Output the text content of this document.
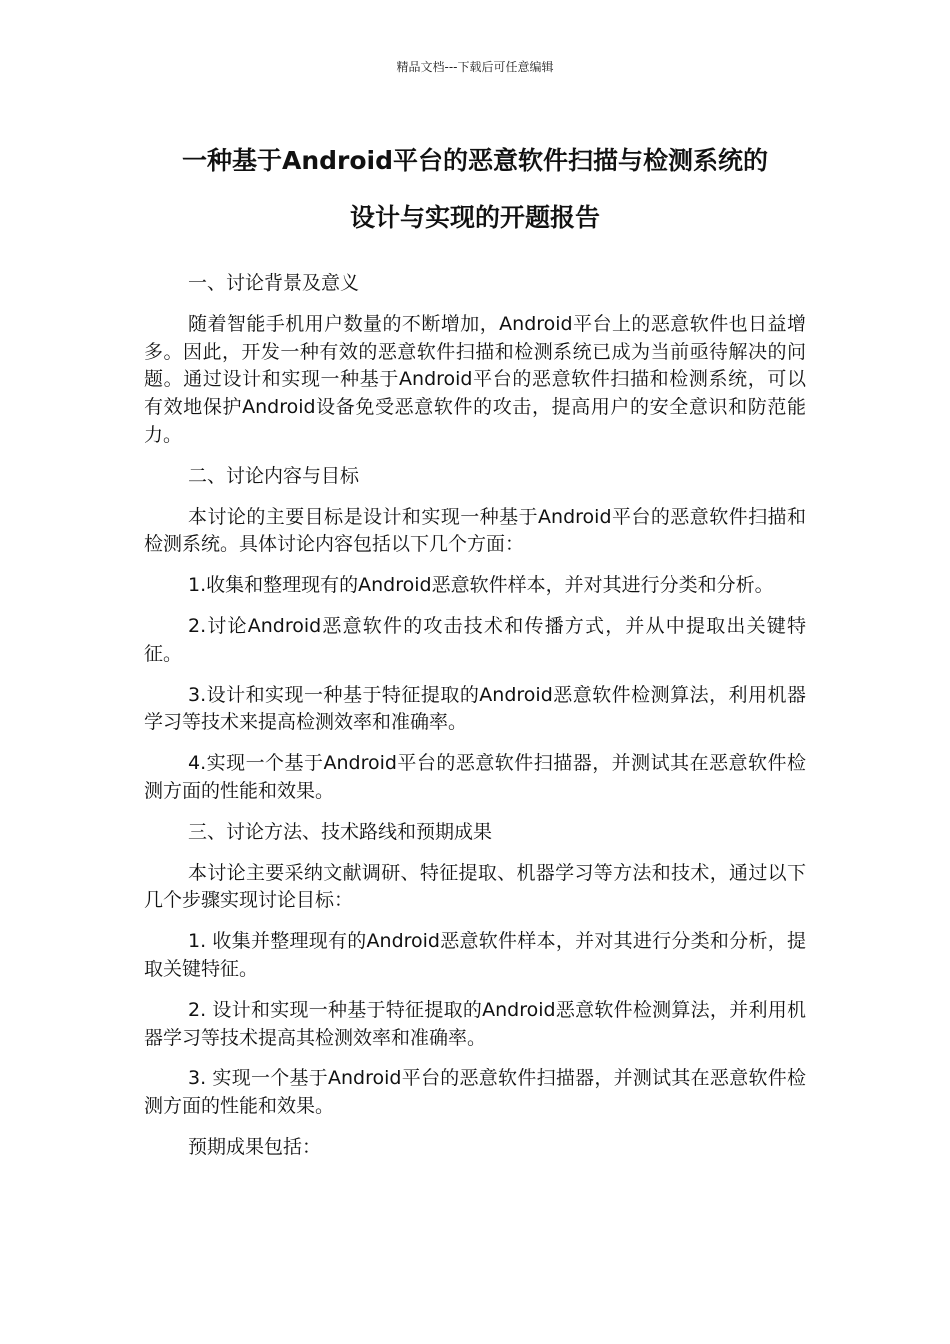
精品文档---下载后可任意编辑
一种基于Android平台的恶意软件扫描与检测系统的
设计与实现的开题报告
一、讨论背景及意义
随着智能手机用户数量的不断增加，Android平台上的恶意软件也日益增多。因此，开发一种有效的恶意软件扫描和检测系统已成为当前亟待解决的问题。通过设计和实现一种基于Android平台的恶意软件扫描和检测系统，可以有效地保护Android设备免受恶意软件的攻击，提高用户的安全意识和防范能力。
二、讨论内容与目标
本讨论的主要目标是设计和实现一种基于Android平台的恶意软件扫描和检测系统。具体讨论内容包括以下几个方面：
1.收集和整理现有的Android恶意软件样本，并对其进行分类和分析。
2.讨论Android恶意软件的攻击技术和传播方式，并从中提取出关键特征。
3.设计和实现一种基于特征提取的Android恶意软件检测算法，利用机器学习等技术来提高检测效率和准确率。
4.实现一个基于Android平台的恶意软件扫描器，并测试其在恶意软件检测方面的性能和效果。
三、讨论方法、技术路线和预期成果
本讨论主要采纳文献调研、特征提取、机器学习等方法和技术，通过以下几个步骤实现讨论目标：
1. 收集并整理现有的Android恶意软件样本，并对其进行分类和分析，提取关键特征。
2. 设计和实现一种基于特征提取的Android恶意软件检测算法，并利用机器学习等技术提高其检测效率和准确率。
3. 实现一个基于Android平台的恶意软件扫描器，并测试其在恶意软件检测方面的性能和效果。
预期成果包括：
